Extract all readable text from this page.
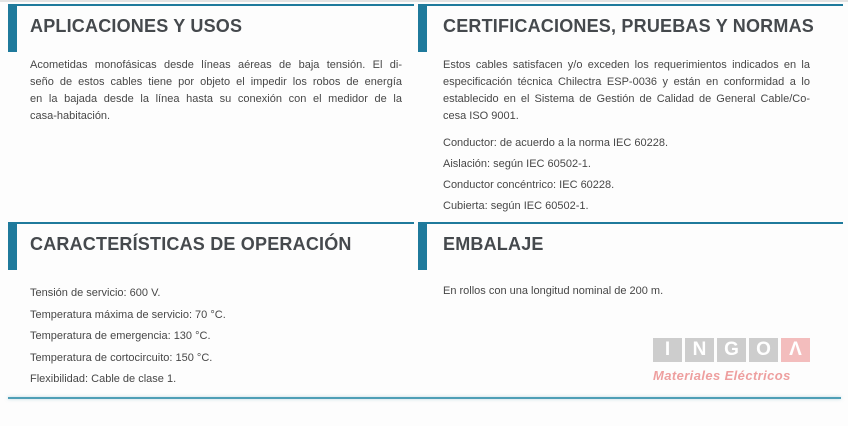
APLICACIONES Y USOS
Acometidas monofásicas desde líneas aéreas de baja tensión. El di-
seño de estos cables tiene por objeto el impedir los robos de energía
en la bajada desde la línea hasta su conexión con el medidor de la
casa-habitación.
CERTIFICACIONES, PRUEBAS Y NORMAS
Estos cables satisfacen y/o exceden los requerimientos indicados en la
especificación técnica Chilectra ESP-0036 y están en conformidad a lo
establecido en el Sistema de Gestión de Calidad de General Cable/Co-
cesa ISO 9001.
Conductor: de acuerdo a la norma IEC 60228.
Aislación: según IEC 60502-1.
Conductor concéntrico: IEC 60228.
Cubierta: según IEC 60502-1.
CARACTERÍSTICAS DE OPERACIÓN
Tensión de servicio: 600 V.
Temperatura máxima de servicio: 70 °C.
Temperatura de emergencia: 130 °C.
Temperatura de cortocircuito: 150 °C.
Flexibilidad: Cable de clase 1.
EMBALAJE
En rollos con una longitud nominal de 200 m.
I	N G O Λ
Materiales Eléctricos
